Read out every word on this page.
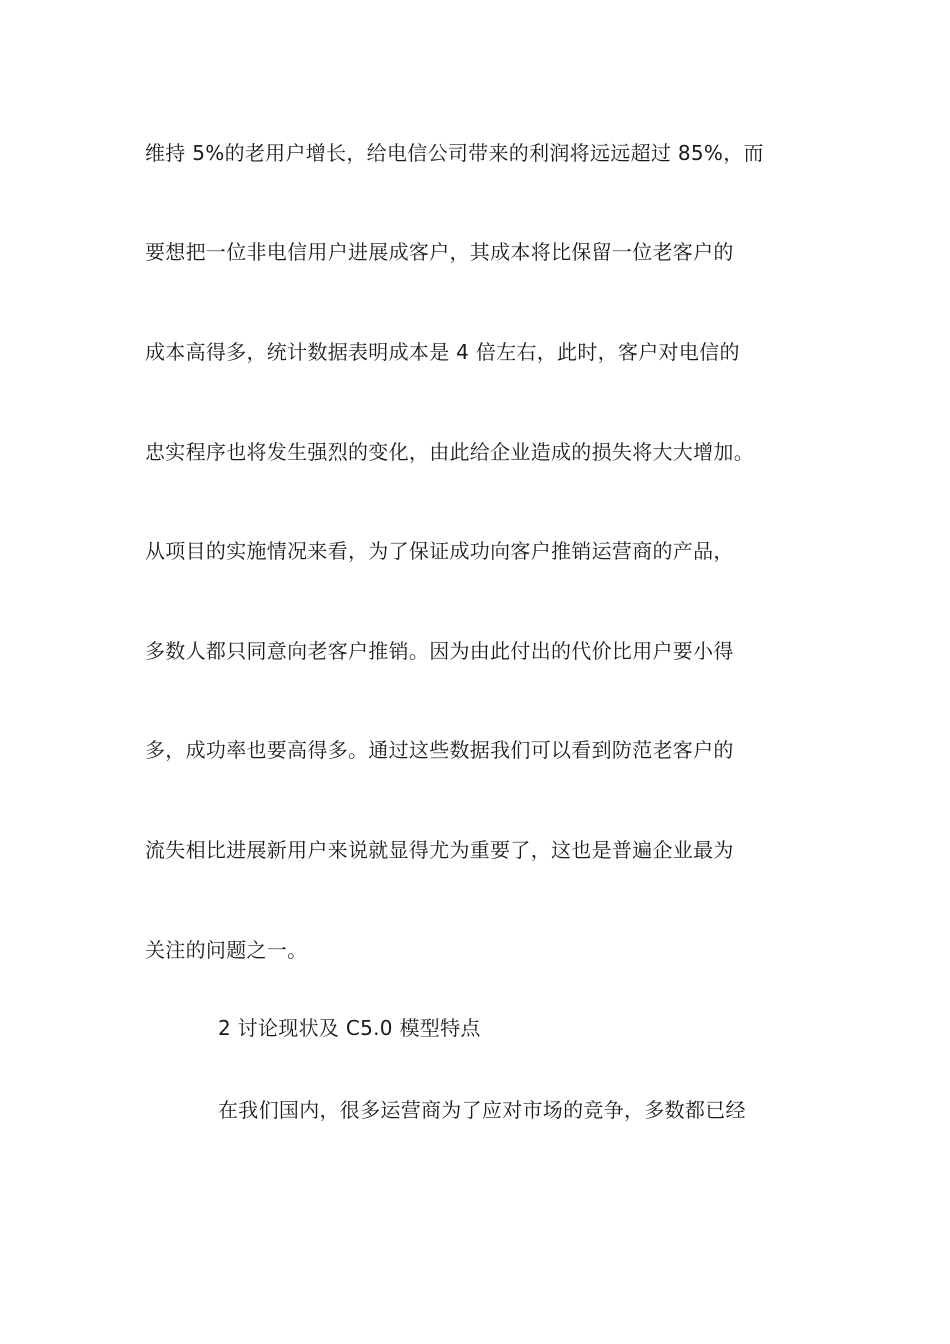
维持 5%的老用户增长，给电信公司带来的利润将远远超过 85%，而
要想把一位非电信用户进展成客户，其成本将比保留一位老客户的
成本高得多，统计数据表明成本是 4 倍左右，此时，客户对电信的
忠实程序也将发生强烈的变化，由此给企业造成的损失将大大增加。
从项目的实施情况来看，为了保证成功向客户推销运营商的产品，
多数人都只同意向老客户推销。因为由此付出的代价比用户要小得
多，成功率也要高得多。通过这些数据我们可以看到防范老客户的
流失相比进展新用户来说就显得尤为重要了，这也是普遍企业最为
关注的问题之一。
2 讨论现状及 C5.0 模型特点
在我们国内，很多运营商为了应对市场的竞争，多数都已经
